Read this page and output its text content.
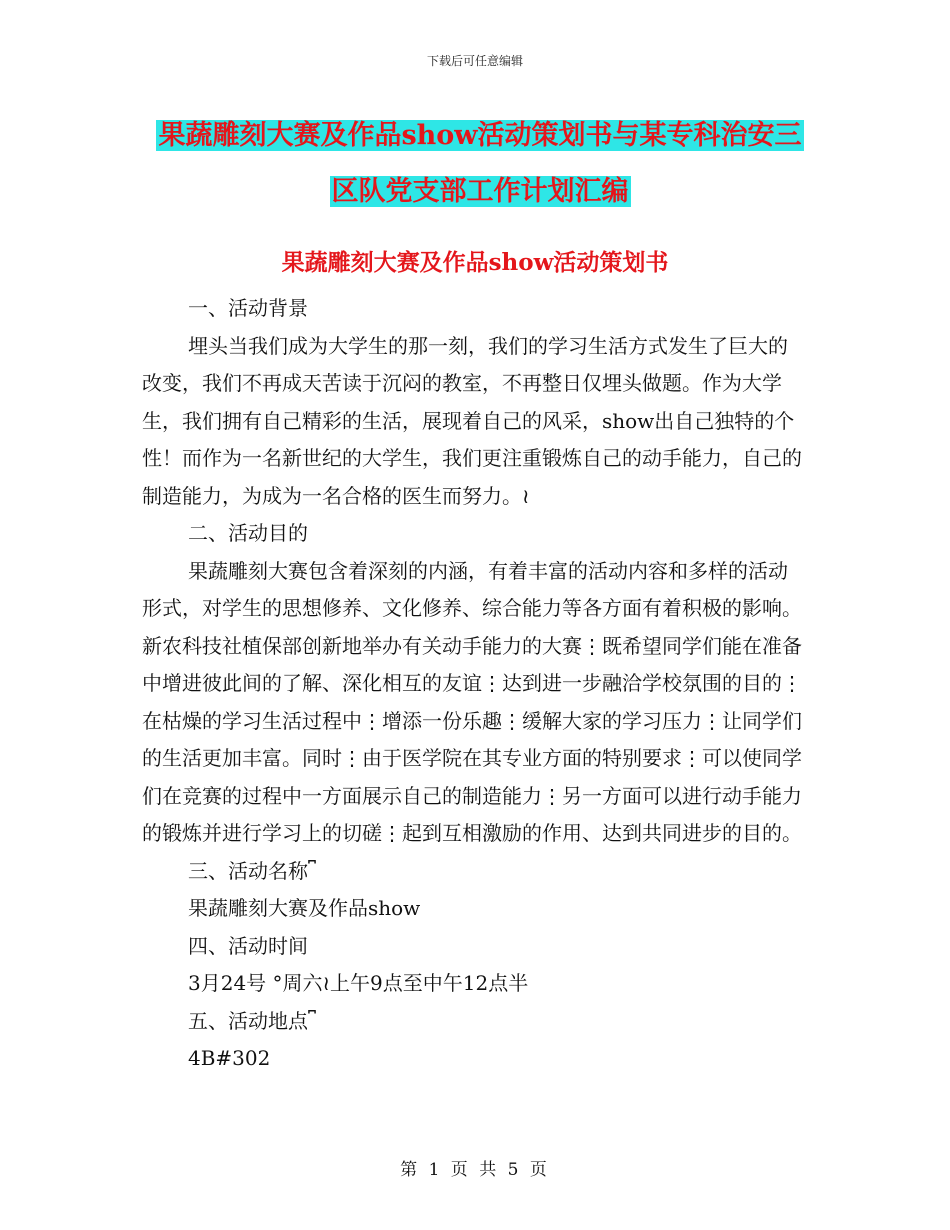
下载后可任意编辑
果蔬雕刻大赛及作品show活动策划书与某专科治安三
区队党支部工作计划汇编
果蔬雕刻大赛及作品show活动策划书

一、活动背景

埋头当我们成为大学生的那一刻，我们的学习生活方式发生了巨大的改变，我们不再成天苦读于沉闷的教室，不再整日仅埋头做题。作为大学生，我们拥有自己精彩的生活，展现着自己的风采，show出自己独特的个性！而作为一名新世纪的大学生，我们更注重锻炼自己的动手能力，自己的制造能力，为成为一名合格的医生而努力。≀

二、活动目的

果蔬雕刻大赛包含着深刻的内涵，有着丰富的活动内容和多样的活动形式，对学生的思想修养、文化修养、综合能力等各方面有着积极的影响。 新农科技社植保部创新地举办有关动手能力的大赛⋮既希望同学们能在准备中增进彼此间的了解、深化相互的友谊⋮达到进一步融洽学校氛围的目的⋮在枯燥的学习生活过程中⋮增添一份乐趣⋮缓解大家的学习压力⋮让同学们的生活更加丰富。同时⋮由于医学院在其专业方面的特别要求⋮可以使同学们在竞赛的过程中一方面展示自己的制造能力⋮另一方面可以进行动手能力的锻炼并进行学习上的切磋⋮起到互相激励的作用、达到共同进步的目的。

三、活动名称⎴

果蔬雕刻大赛及作品show

四、活动时间

3月24号 °周六≀上午9点至中午12点半

五、活动地点⎴

4B#302

第 1 页 共 5 页
